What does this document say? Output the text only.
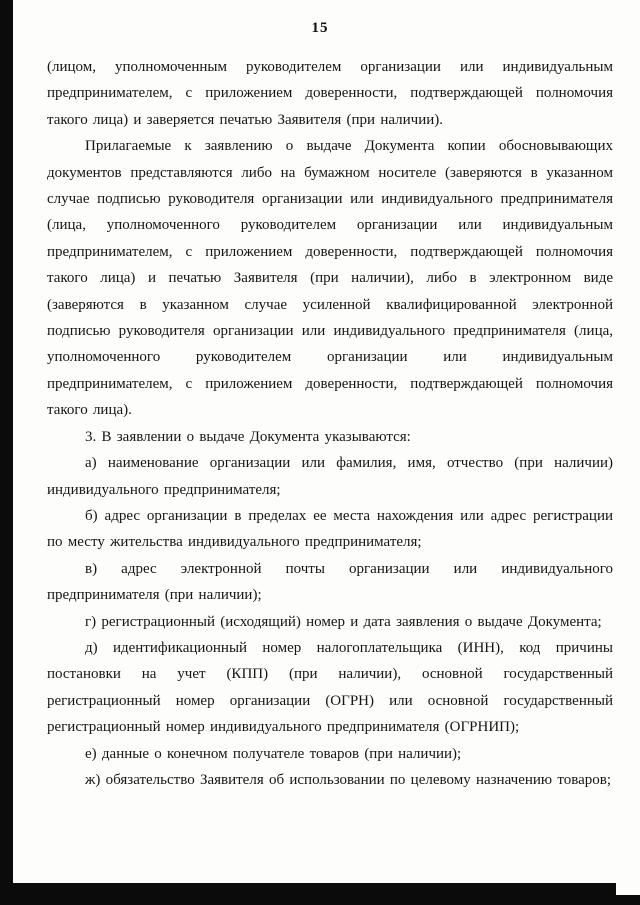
15

(лицом, уполномоченным руководителем организации или индивидуальным предпринимателем, с приложением доверенности, подтверждающей полномочия такого лица) и заверяется печатью Заявителя (при наличии).

Прилагаемые к заявлению о выдаче Документа копии обосновывающих документов представляются либо на бумажном носителе (заверяются в указанном случае подписью руководителя организации или индивидуального предпринимателя (лица, уполномоченного руководителем организации или индивидуальным предпринимателем, с приложением доверенности, подтверждающей полномочия такого лица) и печатью Заявителя (при наличии), либо в электронном виде (заверяются в указанном случае усиленной квалифицированной электронной подписью руководителя организации или индивидуального предпринимателя (лица, уполномоченного руководителем организации или индивидуальным предпринимателем, с приложением доверенности, подтверждающей полномочия такого лица).

3. В заявлении о выдаче Документа указываются:

а) наименование организации или фамилия, имя, отчество (при наличии) индивидуального предпринимателя;

б) адрес организации в пределах ее места нахождения или адрес регистрации по месту жительства индивидуального предпринимателя;

в) адрес электронной почты организации или индивидуального предпринимателя (при наличии);

г) регистрационный (исходящий) номер и дата заявления о выдаче Документа;

д) идентификационный номер налогоплательщика (ИНН), код причины постановки на учет (КПП) (при наличии), основной государственный регистрационный номер организации (ОГРН) или основной государственный регистрационный номер индивидуального предпринимателя (ОГРНИП);

е) данные о конечном получателе товаров (при наличии);

ж) обязательство Заявителя об использовании по целевому назначению товаров;
